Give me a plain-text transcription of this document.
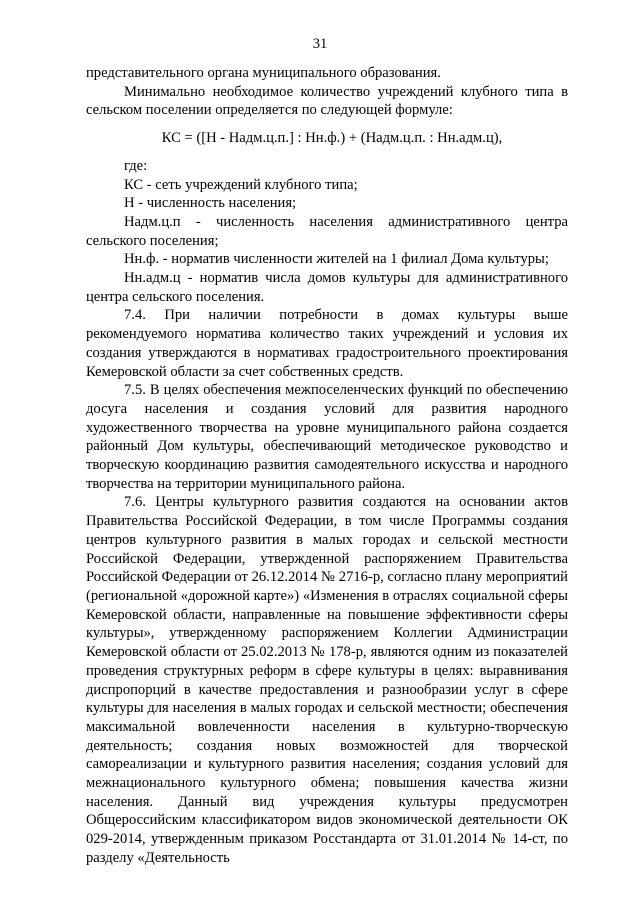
31

представительного органа муниципального образования.

Минимально необходимое количество учреждений клубного типа в сельском поселении определяется по следующей формуле:

КС = ([Н - Надм.ц.п.] : Нн.ф.) + (Надм.ц.п. : Нн.адм.ц),

где:

КС - сеть учреждений клубного типа;

Н - численность населения;

Надм.ц.п - численность населения административного центра сельского поселения;

Нн.ф. - норматив численности жителей на 1 филиал Дома культуры;

Нн.адм.ц - норматив числа домов культуры для административного центра сельского поселения.

7.4. При наличии потребности в домах культуры выше рекомендуемого норматива количество таких учреждений и условия их создания утверждаются в нормативах градостроительного проектирования Кемеровской области за счет собственных средств.

7.5. В целях обеспечения межпоселенческих функций по обеспечению досуга населения и создания условий для развития народного художественного творчества на уровне муниципального района создается районный Дом культуры, обеспечивающий методическое руководство и творческую координацию развития самодеятельного искусства и народного творчества на территории муниципального района.

7.6. Центры культурного развития создаются на основании актов Правительства Российской Федерации, в том числе Программы создания центров культурного развития в малых городах и сельской местности Российской Федерации, утвержденной распоряжением Правительства Российской Федерации от 26.12.2014 № 2716-р, согласно плану мероприятий (региональной «дорожной карте») «Изменения в отраслях социальной сферы Кемеровской области, направленные на повышение эффективности сферы культуры», утвержденному распоряжением Коллегии Администрации Кемеровской области от 25.02.2013 № 178-р, являются одним из показателей проведения структурных реформ в сфере культуры в целях: выравнивания диспропорций в качестве предоставления и разнообразии услуг в сфере культуры для населения в малых городах и сельской местности; обеспечения максимальной вовлеченности населения в культурно-творческую деятельность; создания новых возможностей для творческой самореализации и культурного развития населения; создания условий для межнационального культурного обмена; повышения качества жизни населения. Данный вид учреждения культуры предусмотрен Общероссийским классификатором видов экономической деятельности ОК 029-2014, утвержденным приказом Росстандарта от 31.01.2014 № 14-ст, по разделу «Деятельность
